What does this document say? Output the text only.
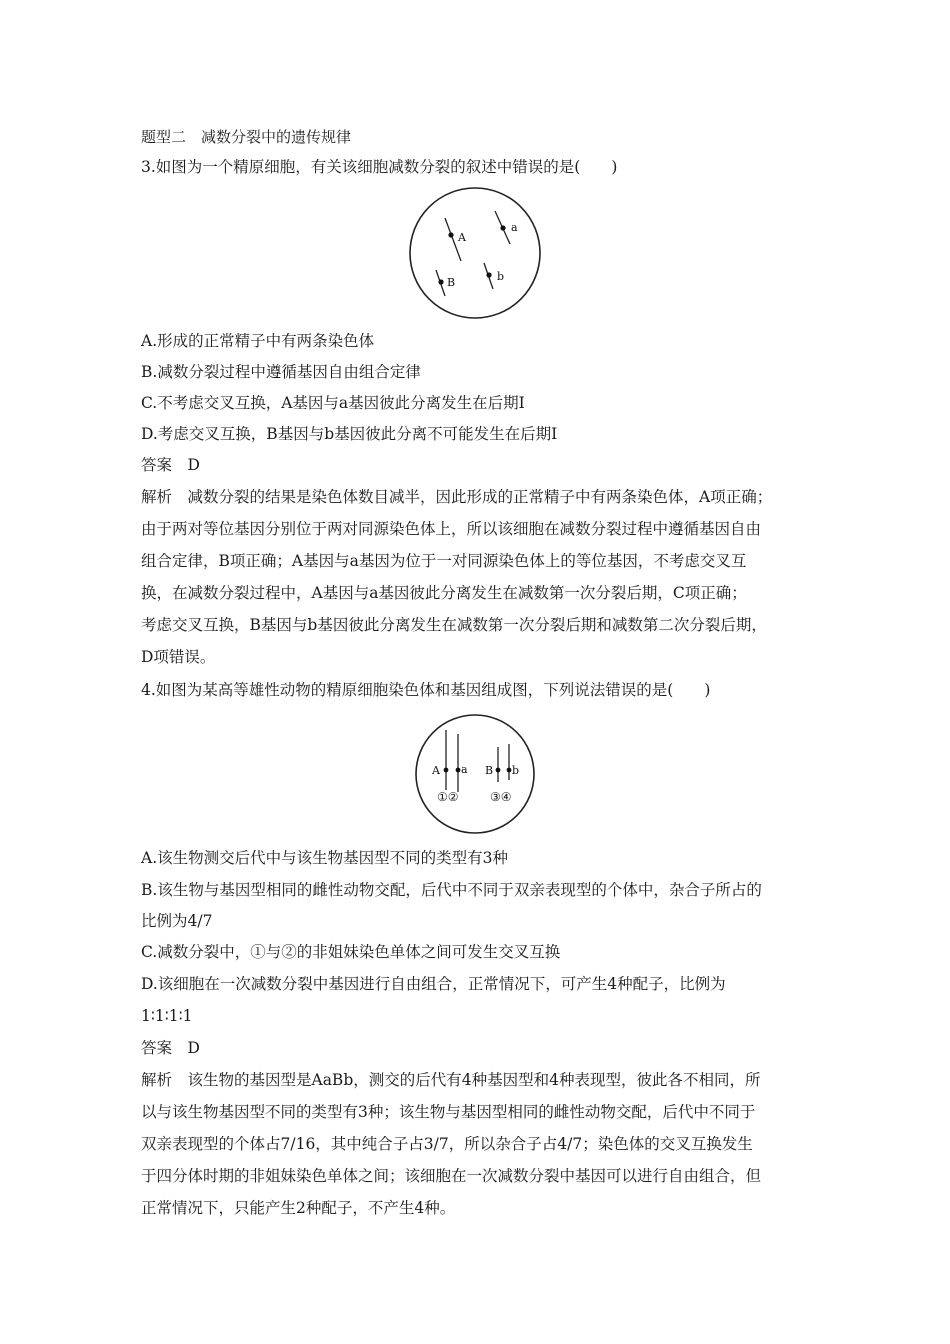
题型二　减数分裂中的遗传规律
3.如图为一个精原细胞，有关该细胞减数分裂的叙述中错误的是(　　)
A
a
B	b
A.形成的正常精子中有两条染色体
B.减数分裂过程中遵循基因自由组合定律
C.不考虑交叉互换，A基因与a基因彼此分离发生在后期Ⅰ
D.考虑交叉互换，B基因与b基因彼此分离不可能发生在后期Ⅰ
答案　D
解析　减数分裂的结果是染色体数目减半，因此形成的正常精子中有两条染色体，A项正确；
由于两对等位基因分别位于两对同源染色体上，所以该细胞在减数分裂过程中遵循基因自由
组合定律，B项正确；A基因与a基因为位于一对同源染色体上的等位基因，不考虑交叉互
换，在减数分裂过程中，A基因与a基因彼此分离发生在减数第一次分裂后期，C项正确；
考虑交叉互换，B基因与b基因彼此分离发生在减数第一次分裂后期和减数第二次分裂后期，
D项错误。
4.如图为某高等雄性动物的精原细胞染色体和基因组成图，下列说法错误的是(　　)
A a B b
①②	③④
A.该生物测交后代中与该生物基因型不同的类型有3种
B.该生物与基因型相同的雌性动物交配，后代中不同于双亲表现型的个体中，杂合子所占的
比例为4/7
C.减数分裂中，①与②的非姐妹染色单体之间可发生交叉互换
D.该细胞在一次减数分裂中基因进行自由组合，正常情况下，可产生4种配子，比例为
1∶1∶1∶1
答案　D
解析　该生物的基因型是AaBb，测交的后代有4种基因型和4种表现型，彼此各不相同，所
以与该生物基因型不同的类型有3种；该生物与基因型相同的雌性动物交配，后代中不同于
双亲表现型的个体占7/16，其中纯合子占3/7，所以杂合子占4/7；染色体的交叉互换发生
于四分体时期的非姐妹染色单体之间；该细胞在一次减数分裂中基因可以进行自由组合，但
正常情况下，只能产生2种配子，不产生4种。
